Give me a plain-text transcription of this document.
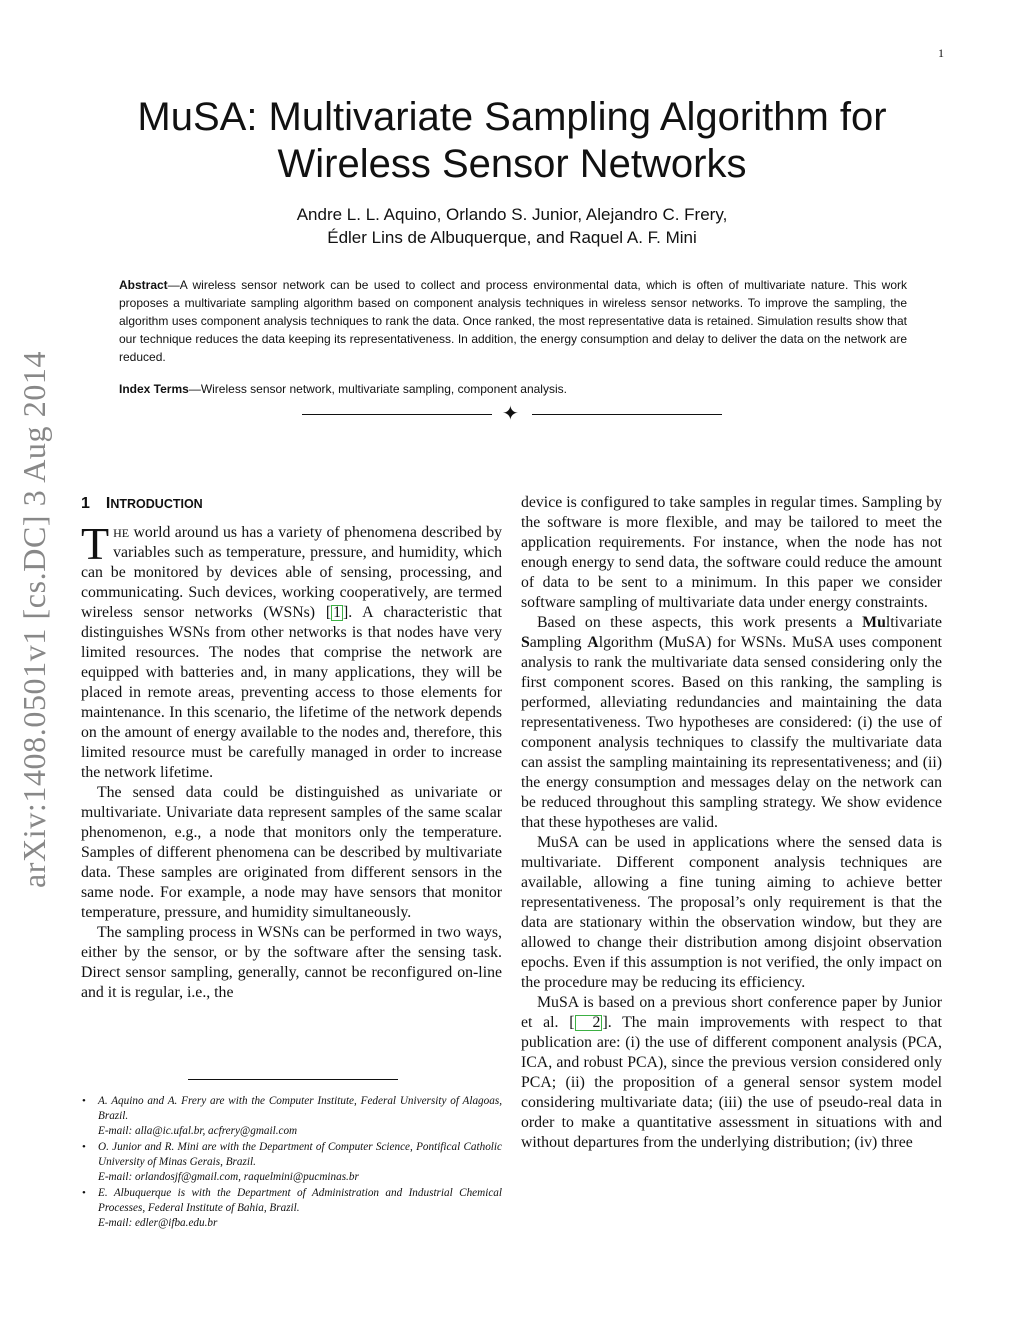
1
arXiv:1408.0501v1 [cs.DC] 3 Aug 2014
MuSA: Multivariate Sampling Algorithm for
Wireless Sensor Networks
Andre L. L. Aquino, Orlando S. Junior, Alejandro C. Frery,
Édler Lins de Albuquerque, and Raquel A. F. Mini

Abstract—A wireless sensor network can be used to collect and process environmental data, which is often of multivariate nature. This work proposes a multivariate sampling algorithm based on component analysis techniques in wireless sensor networks. To improve the sampling, the algorithm uses component analysis techniques to rank the data. Once ranked, the most representative data is retained. Simulation results show that our technique reduces the data keeping its representativeness. In addition, the energy consumption and delay to deliver the data on the network are reduced.

Index Terms—Wireless sensor network, multivariate sampling, component analysis.

✦
1 INTRODUCTION

THE world around us has a variety of phenomena described by variables such as temperature, pressure, and humidity, which can be monitored by devices able of sensing, processing, and communicating. Such devices, working cooperatively, are termed wireless sensor networks (WSNs) [ 1 ]. A characteristic that distinguishes WSNs from other networks is that nodes have very limited resources. The nodes that comprise the network are equipped with batteries and, in many applications, they will be placed in remote areas, preventing access to those elements for maintenance. In this scenario, the lifetime of the network depends on the amount of energy available to the nodes and, therefore, this limited resource must be carefully managed in order to increase the network lifetime.

The sensed data could be distinguished as univariate or multivariate. Univariate data represent samples of the same scalar phenomenon, e.g., a node that monitors only the temperature. Samples of different phenomena can be described by multivariate data. These samples are originated from different sensors in the same node. For example, a node may have sensors that monitor temperature, pressure, and humidity simultaneously.

The sampling process in WSNs can be performed in two ways, either by the sensor, or by the software after the sensing task. Direct sensor sampling, generally, cannot be reconfigured on-line and it is regular, i.e., the

• A. Aquino and A. Frery are with the Computer Institute, Federal University of Alagoas, Brazil.
E-mail: alla@ic.ufal.br, acfrery@gmail.com
• O. Junior and R. Mini are with the Department of Computer Science, Pontifical Catholic University of Minas Gerais, Brazil.
E-mail: orlandosjf@gmail.com, raquelmini@pucminas.br
• E. Albuquerque is with the Department of Administration and Industrial Chemical Processes, Federal Institute of Bahia, Brazil.
E-mail: edler@ifba.edu.br

device is configured to take samples in regular times. Sampling by the software is more flexible, and may be tailored to meet the application requirements. For instance, when the node has not enough energy to send data, the software could reduce the amount of data to be sent to a minimum. In this paper we consider software sampling of multivariate data under energy constraints.

Based on these aspects, this work presents a Multivariate Sampling Algorithm (MuSA) for WSNs. MuSA uses component analysis to rank the multivariate data sensed considering only the first component scores. Based on this ranking, the sampling is performed, alleviating redundancies and maintaining the data representativeness. Two hypotheses are considered: (i) the use of component analysis techniques to classify the multivariate data can assist the sampling maintaining its representativeness; and (ii) the energy consumption and messages delay on the network can be reduced throughout this sampling strategy. We show evidence that these hypotheses are valid.

MuSA can be used in applications where the sensed data is multivariate. Different component analysis techniques are available, allowing a fine tuning aiming to achieve better representativeness. The proposal’s only requirement is that the data are stationary within the observation window, but they are allowed to change their distribution among disjoint observation epochs. Even if this assumption is not verified, the only impact on the procedure may be reducing its efficiency.

MuSA is based on a previous short conference paper by Junior et al. [ 2 ]. The main improvements with respect to that publication are: (i) the use of different component analysis (PCA, ICA, and robust PCA), since the previous version considered only PCA; (ii) the proposition of a general sensor system model considering multivariate data; (iii) the use of pseudo-real data in order to make a quantitative assessment in situations with and without departures from the underlying distribution; (iv) three
